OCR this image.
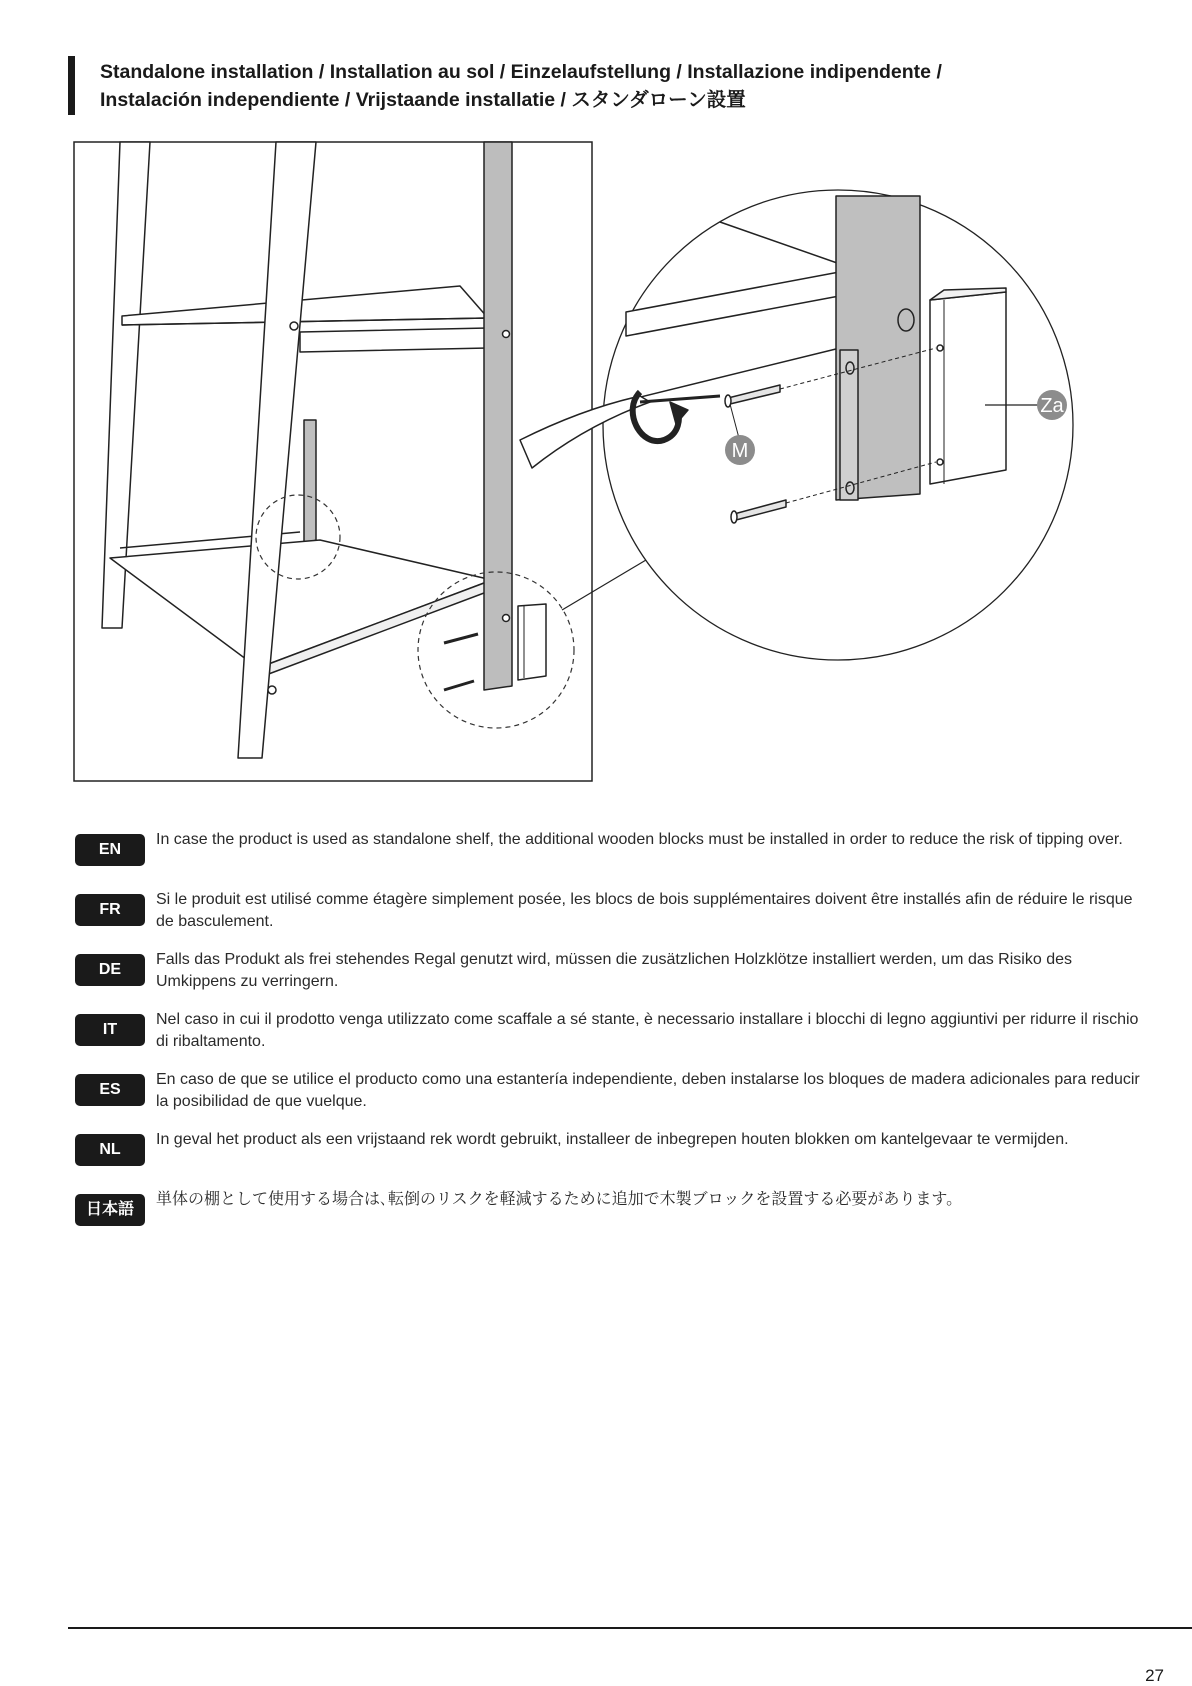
Standalone installation / Installation au sol / Einzelaufstellung / Installazione indipendente /
Instalación independiente / Vrijstaande installatie / スタンダローン設置
M
Za
EN
In case the product is used as standalone shelf, the additional wooden blocks must be installed in order to reduce the risk of tipping over.
FR
Si le produit est utilisé comme étagère simplement posée, les blocs de bois supplémentaires doivent être installés afin de réduire le risque de basculement.
DE
Falls das Produkt als frei stehendes Regal genutzt wird, müssen die zusätzlichen Holzklötze installiert werden, um das Risiko des Umkippens zu verringern.
IT
Nel caso in cui il prodotto venga utilizzato come scaffale a sé stante, è necessario installare i blocchi di legno aggiuntivi per ridurre il rischio di ribaltamento.
ES
En caso de que se utilice el producto como una estantería independiente, deben instalarse los bloques de madera adicionales para reducir la posibilidad de que vuelque.
NL
In geval het product als een vrijstaand rek wordt gebruikt, installeer de inbegrepen houten blokken om kantelgevaar te vermijden.
日本語
単体の棚として使用する場合は､転倒のリスクを軽減するために追加で木製ブロックを設置する必要があります。
27
